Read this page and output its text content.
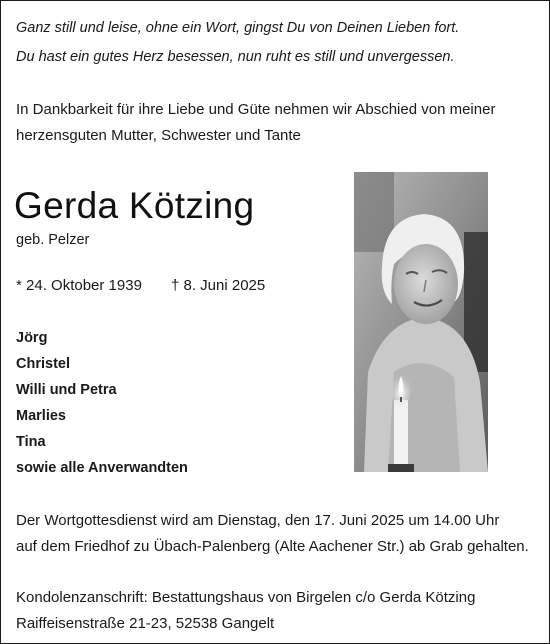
Ganz still und leise, ohne ein Wort, gingst Du von Deinen Lieben fort.
Du hast ein gutes Herz besessen, nun ruht es still und unvergessen.
In Dankbarkeit für ihre Liebe und Güte nehmen wir Abschied von meiner
herzensguten Mutter, Schwester und Tante
Gerda Kötzing
geb. Pelzer
* 24. Oktober 1939 † 8. Juni 2025
Jörg
Christel
Willi und Petra
Marlies
Tina
sowie alle Anverwandten
Der Wortgottesdienst wird am Dienstag, den 17. Juni 2025 um 14.00 Uhr
auf dem Friedhof zu Übach-Palenberg (Alte Aachener Str.) ab Grab gehalten.
Kondolenzanschrift: Bestattungshaus von Birgelen c/o Gerda Kötzing
Raiffeisenstraße 21-23, 52538 Gangelt
